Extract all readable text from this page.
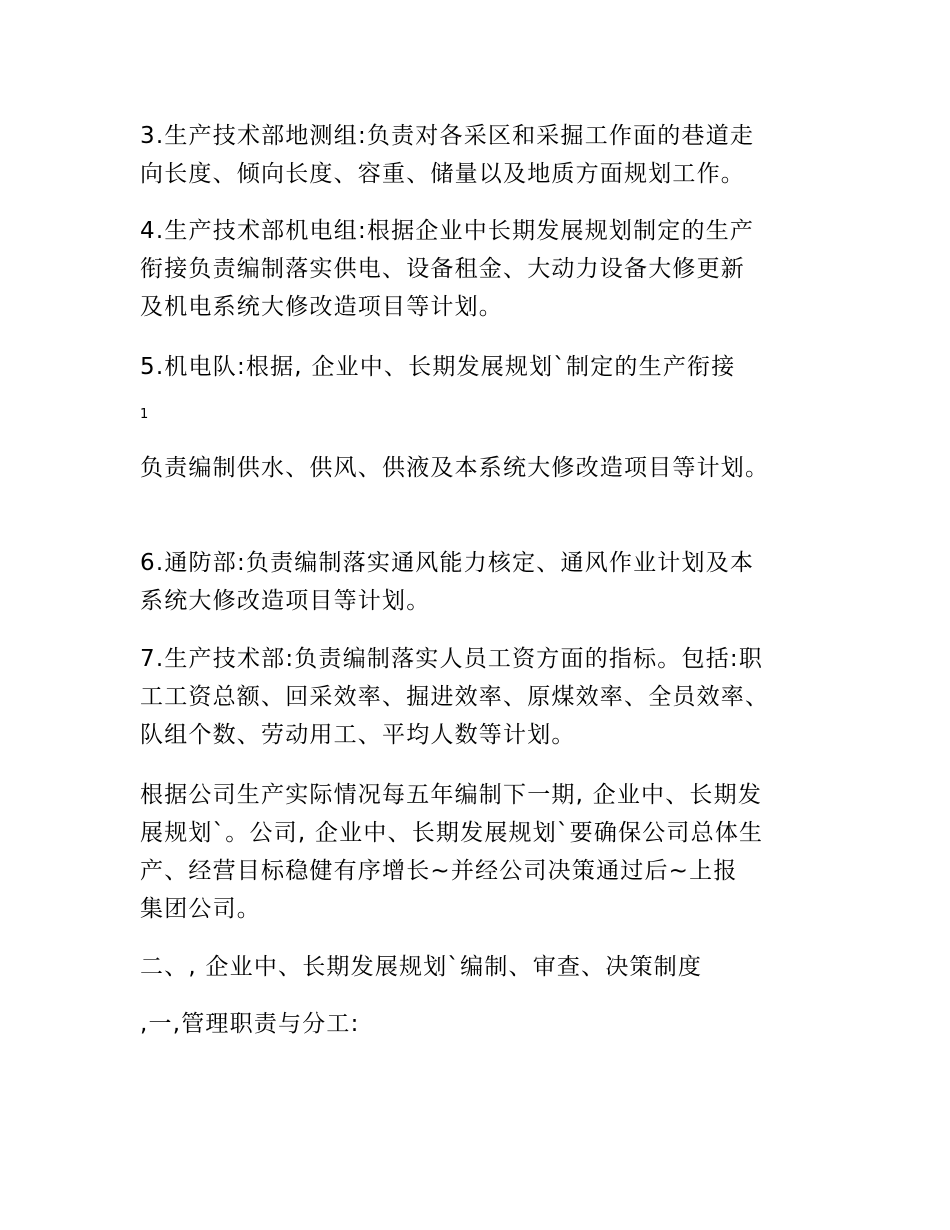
3.生产技术部地测组:负责对各采区和采掘工作面的巷道走
向长度、倾向长度、容重、储量以及地质方面规划工作。

4.生产技术部机电组:根据企业中长期发展规划制定的生产
衔接负责编制落实供电、设备租金、大动力设备大修更新
及机电系统大修改造项目等计划。

5.机电队:根据, 企业中、长期发展规划`制定的生产衔接

1

负责编制供水、供风、供液及本系统大修改造项目等计划。

6.通防部:负责编制落实通风能力核定、通风作业计划及本
系统大修改造项目等计划。

7.生产技术部:负责编制落实人员工资方面的指标。包括:职
工工资总额、回采效率、掘进效率、原煤效率、全员效率、
队组个数、劳动用工、平均人数等计划。

根据公司生产实际情况每五年编制下一期, 企业中、长期发
展规划`。公司, 企业中、长期发展规划`要确保公司总体生
产、经营目标稳健有序增长~并经公司决策通过后~上报
集团公司。

二、, 企业中、长期发展规划`编制、审查、决策制度

,一,管理职责与分工:
